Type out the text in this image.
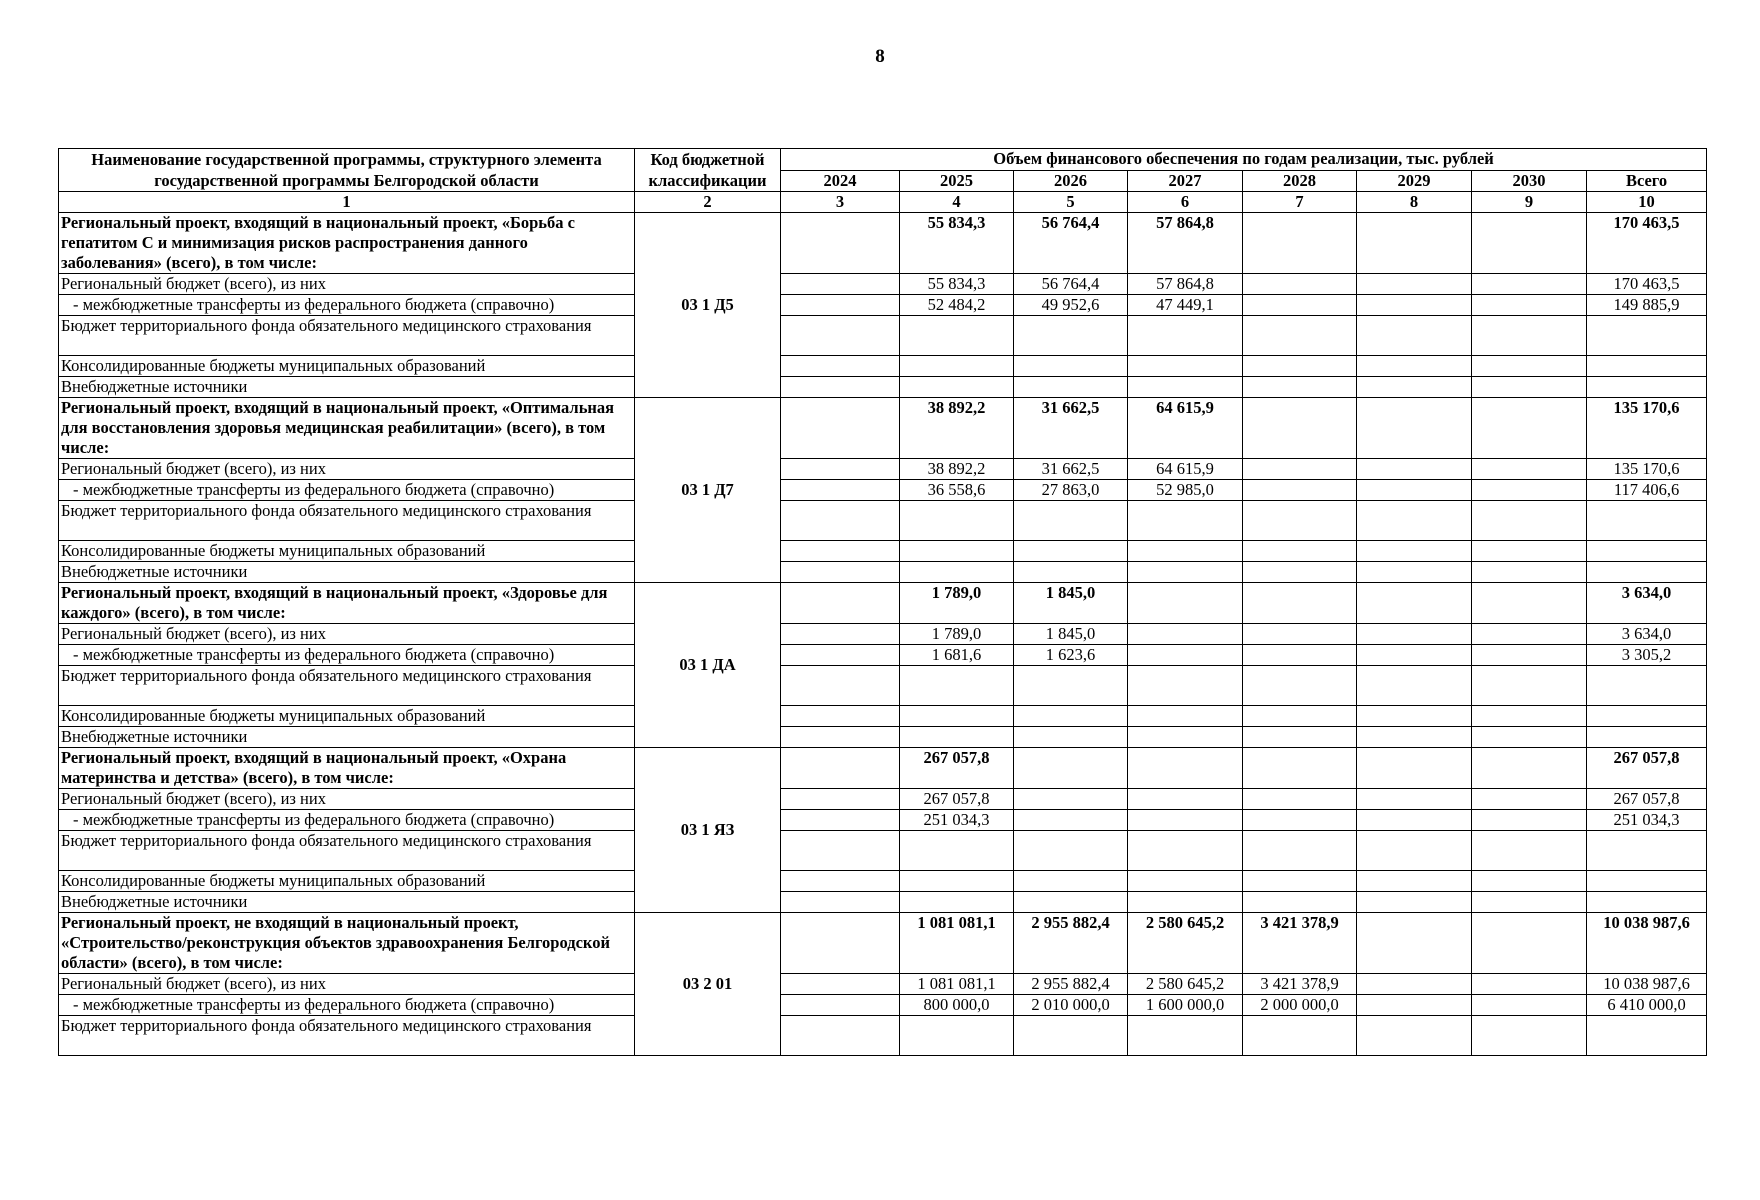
8
Наименование государственной программы, структурного элемента государственной программы Белгородской области	Код бюджетной классификации	Объем финансового обеспечения по годам реализации, тыс. рублей							
		2024	2025	2026	2027	2028	2029	2030	Всего
1	2	3	4	5	6	7	8	9	10
Региональный проект, входящий в национальный проект, «Борьба с гепатитом С и минимизация рисков распространения данного заболевания» (всего), в том числе:	03 1 Д5		55 834,3	56 764,4	57 864,8				170 463,5
Региональный бюджет (всего), из них			55 834,3	56 764,4	57 864,8				170 463,5
- межбюджетные трансферты из федерального бюджета (справочно)			52 484,2	49 952,6	47 449,1				149 885,9
Бюджет территориального фонда обязательного медицинского страхования									
Консолидированные бюджеты муниципальных образований									
Внебюджетные источники									
Региональный проект, входящий в национальный проект, «Оптимальная для восстановления здоровья медицинская реабилитации» (всего), в том числе:	03 1 Д7		38 892,2	31 662,5	64 615,9				135 170,6
Региональный бюджет (всего), из них			38 892,2	31 662,5	64 615,9				135 170,6
- межбюджетные трансферты из федерального бюджета (справочно)			36 558,6	27 863,0	52 985,0				117 406,6
Бюджет территориального фонда обязательного медицинского страхования									
Консолидированные бюджеты муниципальных образований									
Внебюджетные источники									
Региональный проект, входящий в национальный проект, «Здоровье для каждого» (всего), в том числе:	03 1 ДА		1 789,0	1 845,0					3 634,0
Региональный бюджет (всего), из них			1 789,0	1 845,0					3 634,0
- межбюджетные трансферты из федерального бюджета (справочно)			1 681,6	1 623,6					3 305,2
Бюджет территориального фонда обязательного медицинского страхования									
Консолидированные бюджеты муниципальных образований									
Внебюджетные источники									
Региональный проект, входящий в национальный проект, «Охрана материнства и детства» (всего), в том числе:	03 1 ЯЗ		267 057,8						267 057,8
Региональный бюджет (всего), из них			267 057,8						267 057,8
- межбюджетные трансферты из федерального бюджета (справочно)			251 034,3						251 034,3
Бюджет территориального фонда обязательного медицинского страхования									
Консолидированные бюджеты муниципальных образований									
Внебюджетные источники									
Региональный проект, не входящий в национальный проект, «Строительство/реконструкция объектов здравоохранения Белгородской области» (всего), в том числе:	03 2 01		1 081 081,1	2 955 882,4	2 580 645,2	3 421 378,9			10 038 987,6
Региональный бюджет (всего), из них			1 081 081,1	2 955 882,4	2 580 645,2	3 421 378,9			10 038 987,6
- межбюджетные трансферты из федерального бюджета (справочно)			800 000,0	2 010 000,0	1 600 000,0	2 000 000,0			6 410 000,0
Бюджет территориального фонда обязательного медицинского страхования									
